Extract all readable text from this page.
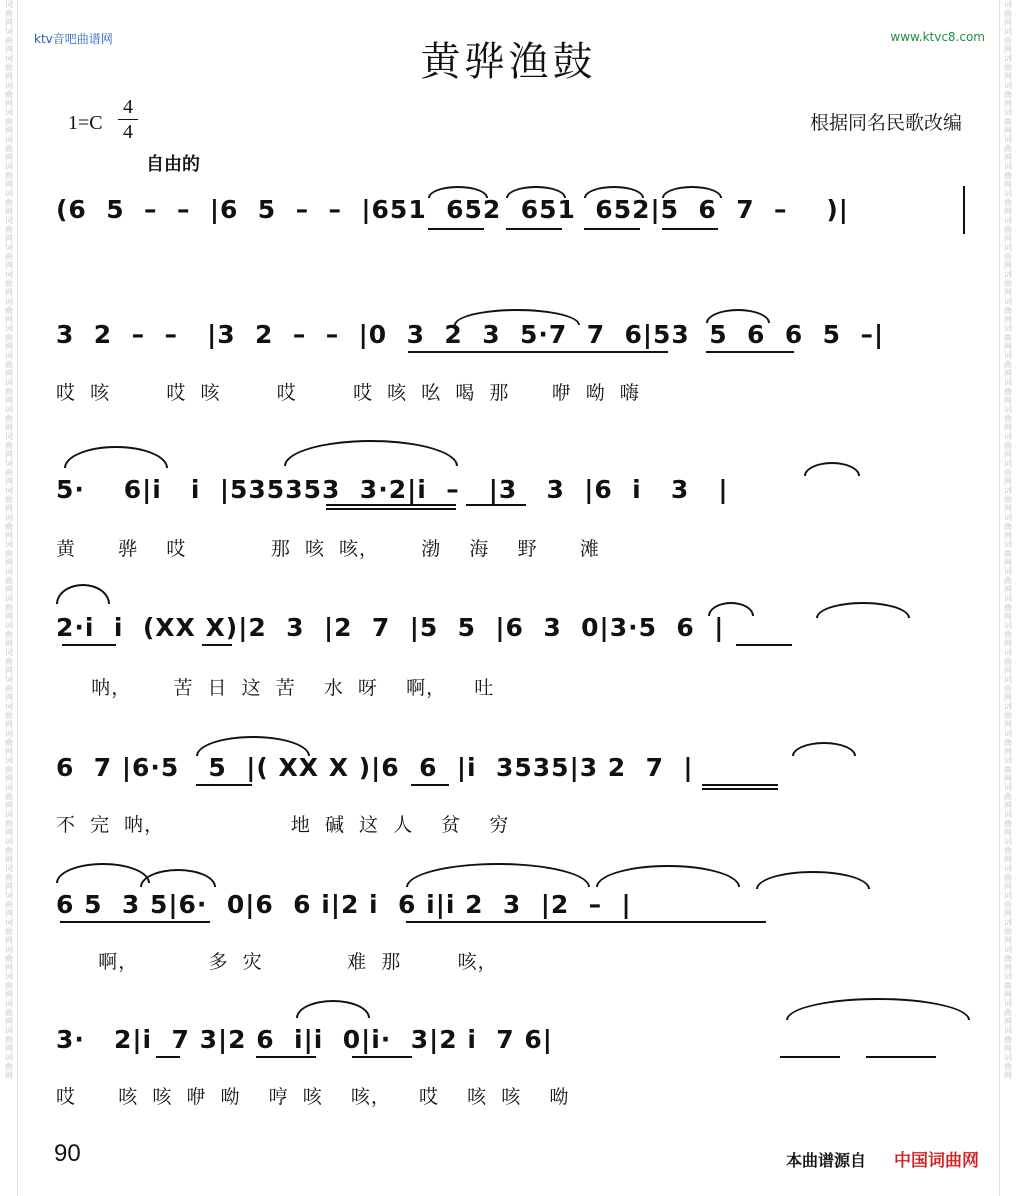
词曲网词曲网词曲网词曲网词曲网词曲网词曲网词曲网词曲网词曲网词曲网词曲网词曲网词曲网词曲网词曲网词曲网词曲网词曲网词曲网词曲网词曲网词曲网词曲网词曲网词曲网词曲网词曲网词曲网词曲网词曲网词曲网词曲网词曲网词曲网词曲网词曲网词曲网词曲网词曲网
词曲网词曲网词曲网词曲网词曲网词曲网词曲网词曲网词曲网词曲网词曲网词曲网词曲网词曲网词曲网词曲网词曲网词曲网词曲网词曲网词曲网词曲网词曲网词曲网词曲网词曲网词曲网词曲网词曲网词曲网词曲网词曲网词曲网词曲网词曲网词曲网词曲网词曲网词曲网词曲网
ktv音吧曲谱网	www.ktvc8.com
黄骅渔鼓
1=C
4
4
自由的
根据同名民歌改编
(6  5  –  –  |6  5  –  –  |651  652  651  652|5  6  7  –    )|
3  2  –  –   |3  2  –  –  |0  3  2  3  5·7  7  6|53  5  6  6  5  –|
哎  咳        哎  咳        哎        哎  咳  吆  喝  那      咿  呦  嗨
5·    6|i   i  |535353  3·2|i  –   |3   3  |6  i   3   |
黄      骅    哎            那  咳  咳，      渤    海    野      滩
2·i  i  (XX X)|2  3  |2  7  |5  5  |6  3  0|3·5  6  |
呐，      苦  日  这  苦    水  呀    啊，    吐
6  7 |6·5   5  |( XX X )|6  6  |i  3535|3 2  7  |
不  完  呐，                  地  碱  这  人    贫    穷
6 5  3 5|6·  0|6  6 i|2 i  6 i|i 2  3  |2  –  |
啊，          多  灾            难  那        咳，
3·   2|i  7 3|2 6  i|i  0|i·  3|2 i  7 6|
哎      咳  咳  咿  呦    哼  咳    咳，    哎    咳  咳    呦
90	本曲谱源自 中国词曲网
